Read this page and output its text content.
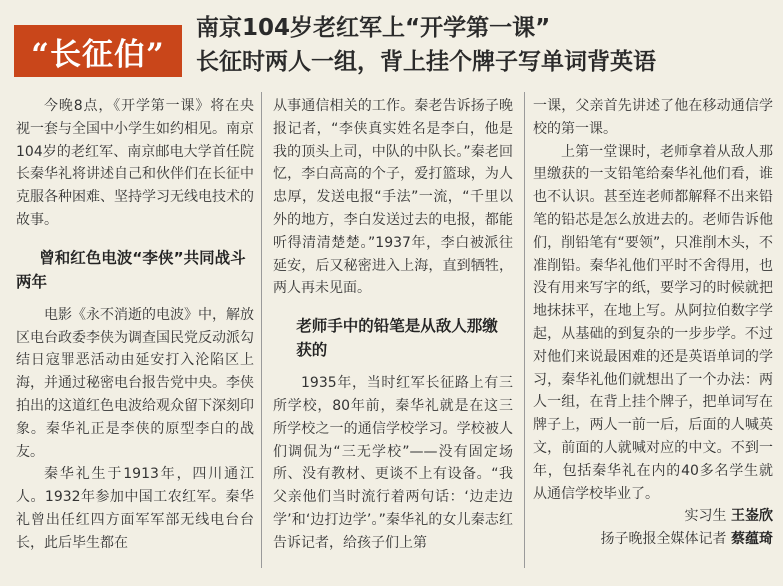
“长征伯”
南京104岁老红军上“开学第一课”
长征时两人一组，背上挂个牌子写单词背英语

今晚8点，《开学第一课》将在央视一套与全国中小学生如约相见。南京104岁的老红军、南京邮电大学首任院长秦华礼将讲述自己和伙伴们在长征中克服各种困难、坚持学习无线电技术的故事。

曾和红色电波“李侠”共同战斗两年

电影《永不消逝的电波》中，解放区电台政委李侠为调查国民党反动派勾结日寇罪恶活动由延安打入沦陷区上海，并通过秘密电台报告党中央。李侠拍出的这道红色电波给观众留下深刻印象。秦华礼正是李侠的原型李白的战友。

秦华礼生于1913年，四川通江人。1932年参加中国工农红军。秦华礼曾出任红四方面军军部无线电台台长，此后毕生都在

从事通信相关的工作。秦老告诉扬子晚报记者，“李侠真实姓名是李白，他是我的顶头上司，中队的中队长。”秦老回忆，李白高高的个子，爱打篮球，为人忠厚，发送电报“手法”一流，“千里以外的地方，李白发送过去的电报，都能听得清清楚楚。”1937年，李白被派往延安，后又秘密进入上海，直到牺牲，两人再未见面。

老师手中的铅笔是从敌人那缴获的

1935年，当时红军长征路上有三所学校，80年前，秦华礼就是在这三所学校之一的通信学校学习。学校被人们调侃为“三无学校”——没有固定场所、没有教材、更谈不上有设备。“我父亲他们当时流行着两句话：‘边走边学’和‘边打边学’。”秦华礼的女儿秦志红告诉记者，给孩子们上第

一课，父亲首先讲述了他在移动通信学校的第一课。

上第一堂课时，老师拿着从敌人那里缴获的一支铅笔给秦华礼他们看，谁也不认识。甚至连老师都解释不出来铅笔的铅芯是怎么放进去的。老师告诉他们，削铅笔有“要领”，只准削木头，不准削铅。秦华礼他们平时不舍得用，也没有用来写字的纸，要学习的时候就把地抹抹平，在地上写。从阿拉伯数字学起，从基础的到复杂的一步步学。不过对他们来说最困难的还是英语单词的学习，秦华礼他们就想出了一个办法：两人一组，在背上挂个牌子，把单词写在牌子上，两人一前一后，后面的人喊英文，前面的人就喊对应的中文。不到一年，包括秦华礼在内的40多名学生就从通信学校毕业了。

实习生 王崟欣

扬子晚报全媒体记者 蔡蕴琦
